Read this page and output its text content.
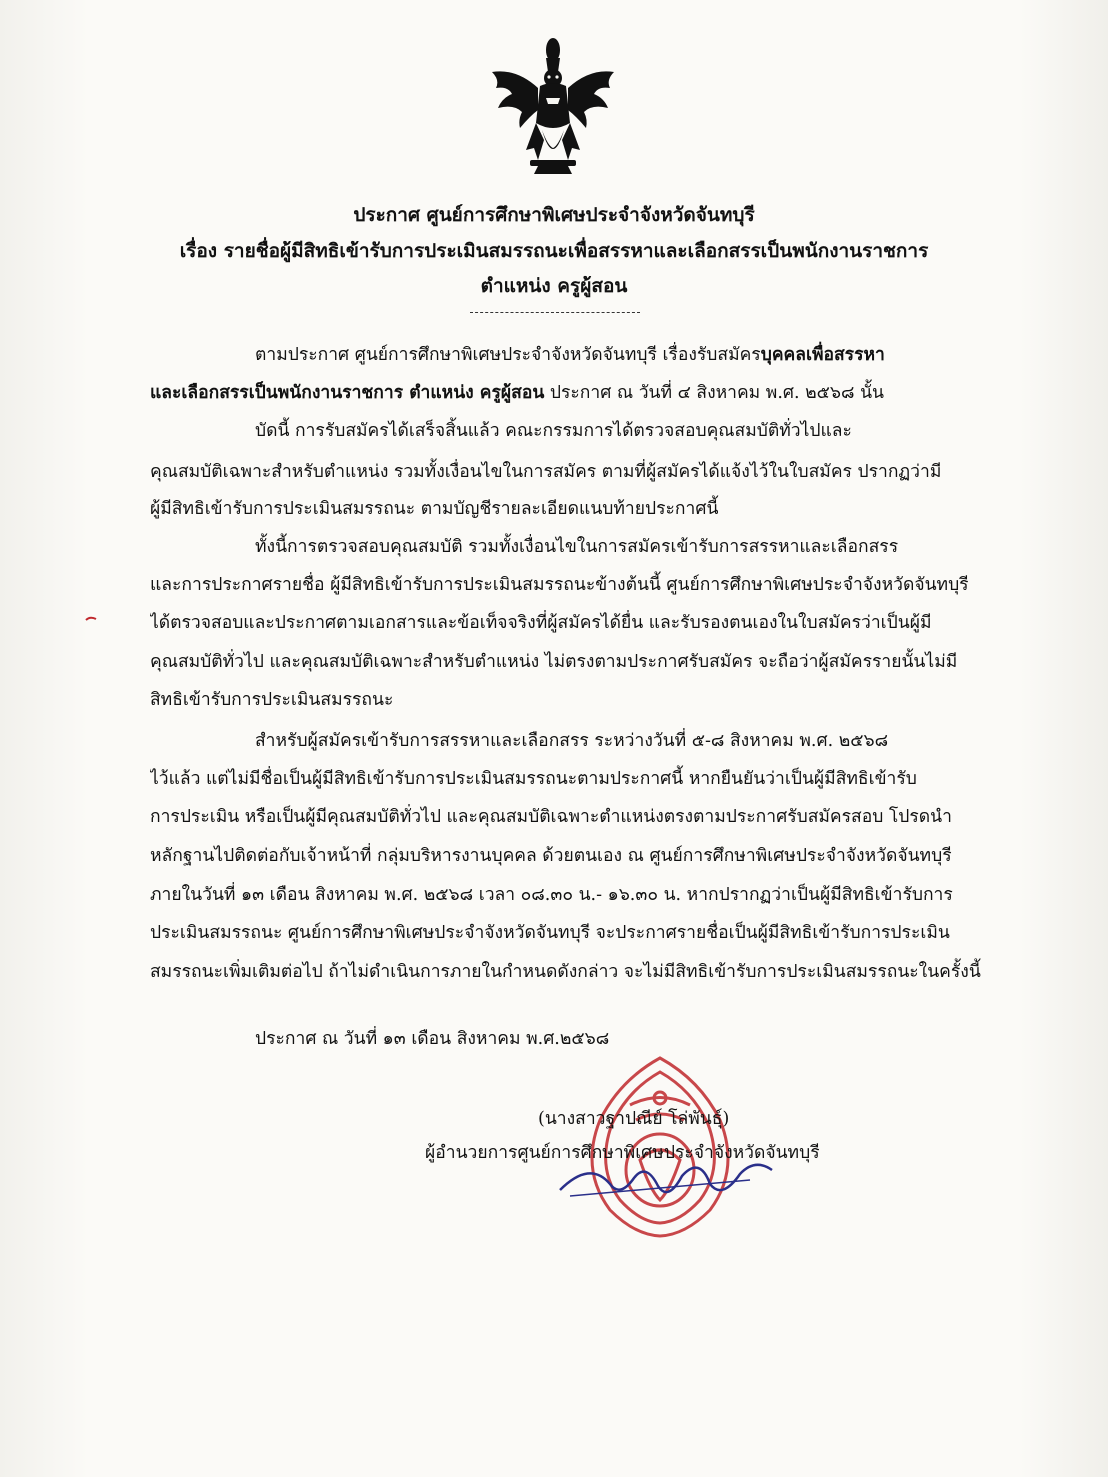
ประกาศ ศูนย์การศึกษาพิเศษประจำจังหวัดจันทบุรี
เรื่อง รายชื่อผู้มีสิทธิเข้ารับการประเมินสมรรถนะเพื่อสรรหาและเลือกสรรเป็นพนักงานราชการ
ตำแหน่ง ครูผู้สอน
ตามประกาศ ศูนย์การศึกษาพิเศษประจำจังหวัดจันทบุรี เรื่องรับสมัครบุคคลเพื่อสรรหา
และเลือกสรรเป็นพนักงานราชการ ตำแหน่ง ครูผู้สอน ประกาศ ณ วันที่ ๔ สิงหาคม พ.ศ. ๒๕๖๘ นั้น
บัดนี้ การรับสมัครได้เสร็จสิ้นแล้ว คณะกรรมการได้ตรวจสอบคุณสมบัติทั่วไปและ
คุณสมบัติเฉพาะสำหรับตำแหน่ง รวมทั้งเงื่อนไขในการสมัคร ตามที่ผู้สมัครได้แจ้งไว้ในใบสมัคร ปรากฏว่ามี
ผู้มีสิทธิเข้ารับการประเมินสมรรถนะ ตามบัญชีรายละเอียดแนบท้ายประกาศนี้
ทั้งนี้การตรวจสอบคุณสมบัติ รวมทั้งเงื่อนไขในการสมัครเข้ารับการสรรหาและเลือกสรร
และการประกาศรายชื่อ ผู้มีสิทธิเข้ารับการประเมินสมรรถนะข้างต้นนี้ ศูนย์การศึกษาพิเศษประจำจังหวัดจันทบุรี
ได้ตรวจสอบและประกาศตามเอกสารและข้อเท็จจริงที่ผู้สมัครได้ยื่น และรับรองตนเองในใบสมัครว่าเป็นผู้มี
คุณสมบัติทั่วไป และคุณสมบัติเฉพาะสำหรับตำแหน่ง ไม่ตรงตามประกาศรับสมัคร จะถือว่าผู้สมัครรายนั้นไม่มี
สิทธิเข้ารับการประเมินสมรรถนะ
สำหรับผู้สมัครเข้ารับการสรรหาและเลือกสรร ระหว่างวันที่ ๕-๘ สิงหาคม พ.ศ. ๒๕๖๘
ไว้แล้ว แต่ไม่มีชื่อเป็นผู้มีสิทธิเข้ารับการประเมินสมรรถนะตามประกาศนี้ หากยืนยันว่าเป็นผู้มีสิทธิเข้ารับ
การประเมิน หรือเป็นผู้มีคุณสมบัติทั่วไป และคุณสมบัติเฉพาะตำแหน่งตรงตามประกาศรับสมัครสอบ โปรดนำ
หลักฐานไปติดต่อกับเจ้าหน้าที่ กลุ่มบริหารงานบุคคล ด้วยตนเอง ณ ศูนย์การศึกษาพิเศษประจำจังหวัดจันทบุรี
ภายในวันที่ ๑๓ เดือน สิงหาคม พ.ศ. ๒๕๖๘ เวลา ๐๘.๓๐ น.- ๑๖.๓๐ น. หากปรากฏว่าเป็นผู้มีสิทธิเข้ารับการ
ประเมินสมรรถนะ ศูนย์การศึกษาพิเศษประจำจังหวัดจันทบุรี จะประกาศรายชื่อเป็นผู้มีสิทธิเข้ารับการประเมิน
สมรรถนะเพิ่มเติมต่อไป ถ้าไม่ดำเนินการภายในกำหนดดังกล่าว จะไม่มีสิทธิเข้ารับการประเมินสมรรถนะในครั้งนี้
ประกาศ ณ วันที่ ๑๓ เดือน สิงหาคม พ.ศ.๒๕๖๘
(นางสาวฐาปณีย์ โล่พันธุ์)
ผู้อำนวยการศูนย์การศึกษาพิเศษประจำจังหวัดจันทบุรี
